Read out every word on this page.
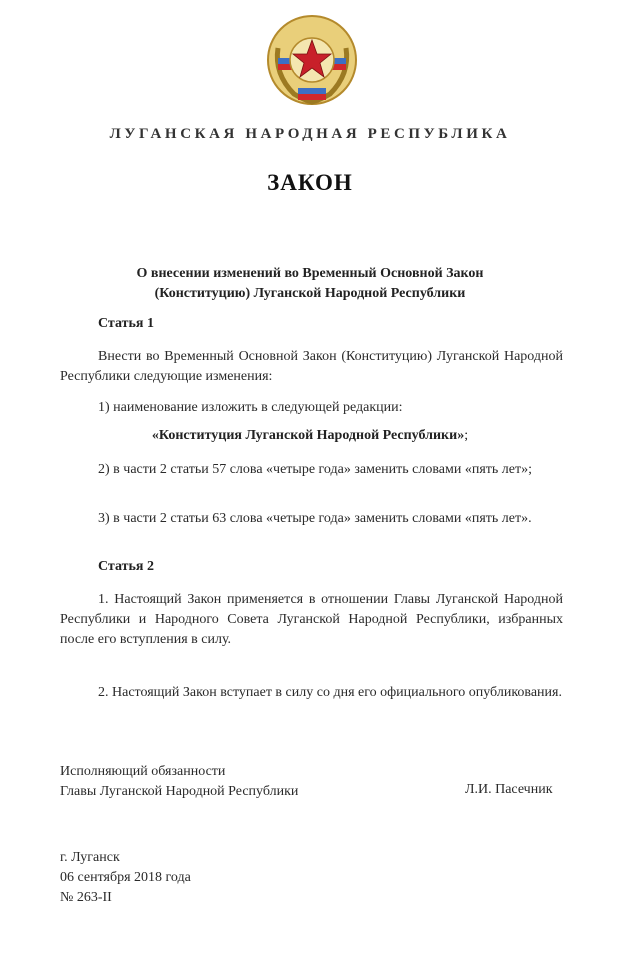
ЛУГАНСКАЯ НАРОДНАЯ РЕСПУБЛИКА
ЗАКОН
О внесении изменений во Временный Основной Закон
(Конституцию) Луганской Народной Республики
Статья 1
Внести во Временный Основной Закон (Конституцию) Луганской Народной Республики следующие изменения:
1) наименование изложить в следующей редакции:
«Конституция Луганской Народной Республики»;
2) в части 2 статьи 57 слова «четыре года» заменить словами «пять лет»;
3) в части 2 статьи 63 слова «четыре года» заменить словами «пять лет».
Статья 2
1. Настоящий Закон применяется в отношении Главы Луганской Народной Республики и Народного Совета Луганской Народной Республики, избранных после его вступления в силу.
2. Настоящий Закон вступает в силу со дня его официального опубликования.
Исполняющий обязанности
Главы Луганской Народной Республики	Л.И. Пасечник
г. Луганск
06 сентября 2018 года
№ 263-II
